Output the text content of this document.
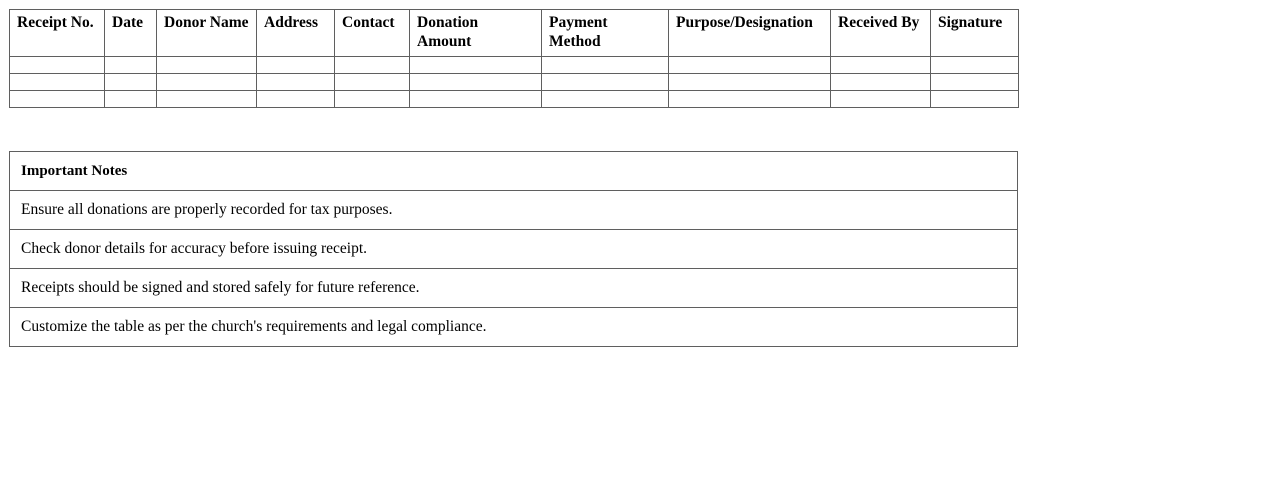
Receipt No.	Date	Donor Name	Address	Contact	Donation Amount	Payment Method	Purpose/Designation	Received By	Signature

Important Notes
Ensure all donations are properly recorded for tax purposes.
Check donor details for accuracy before issuing receipt.
Receipts should be signed and stored safely for future reference.
Customize the table as per the church's requirements and legal compliance.
